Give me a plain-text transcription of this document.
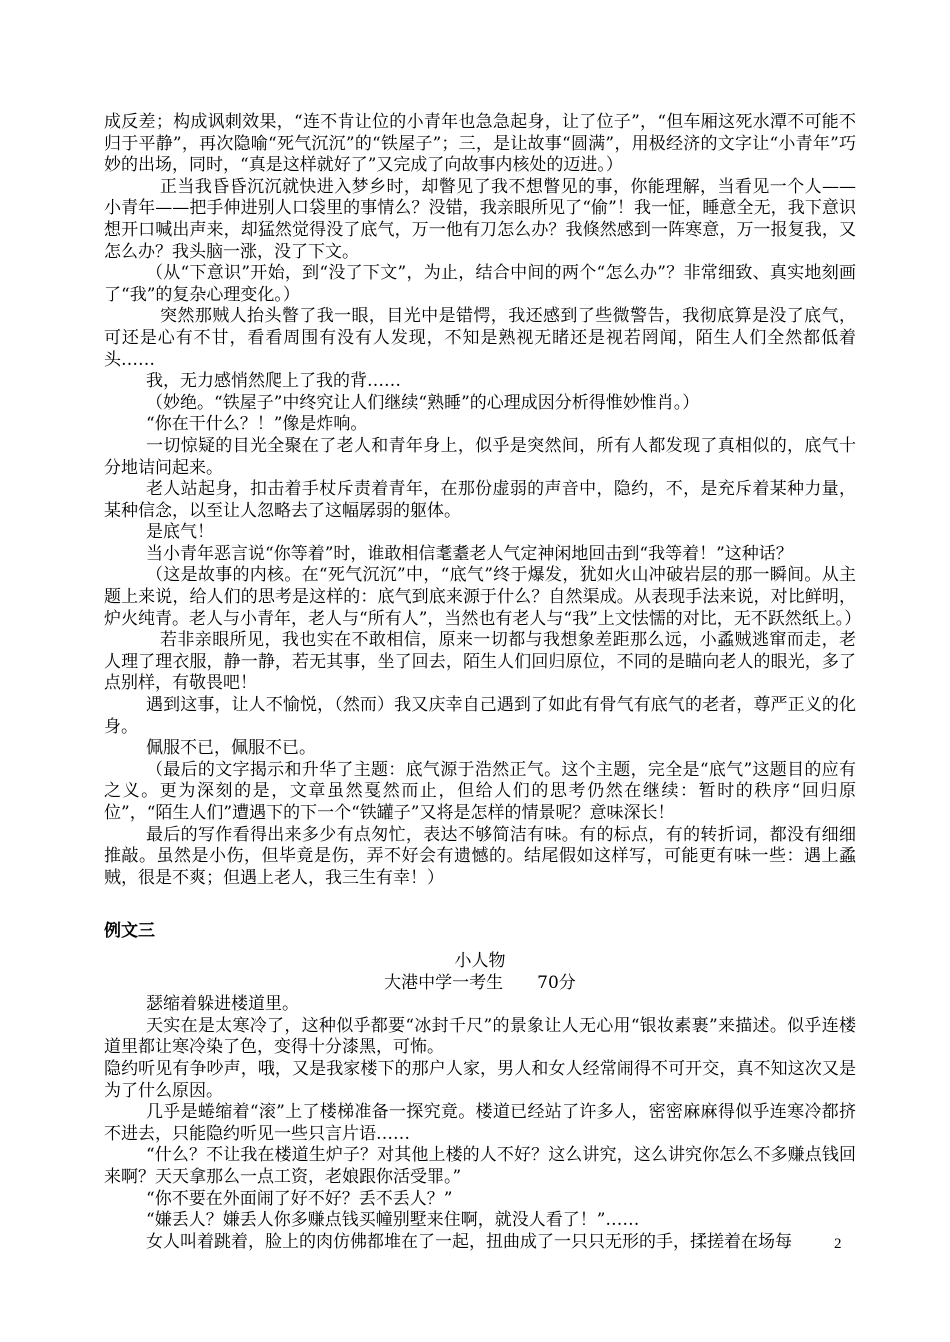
成反差；构成讽刺效果，“连不肯让位的小青年也急急起身，让了位子”，“但车厢这死水潭不可能不归于平静”，再次隐喻“死气沉沉”的“铁屋子”；三，是让故事“圆满”，用极经济的文字让“小青年”巧妙的出场，同时，“真是这样就好了”又完成了向故事内核处的迈进。）

正当我昏昏沉沉就快进入梦乡时，却瞥见了我不想瞥见的事，你能理解，当看见一个人——小青年——把手伸进别人口袋里的事情么？没错，我亲眼所见了“偷”！我一怔，睡意全无，我下意识想开口喊出声来，却猛然觉得没了底气，万一他有刀怎么办？我倏然感到一阵寒意，万一报复我，又怎么办？我头脑一涨，没了下文。

（从“下意识”开始，到“没了下文”，为止，结合中间的两个“怎么办”？非常细致、真实地刻画了“我”的复杂心理变化。）

突然那贼人抬头瞥了我一眼，目光中是错愕，我还感到了些微警告，我彻底算是没了底气，可还是心有不甘，看看周围有没有人发现，不知是熟视无睹还是视若罔闻，陌生人们全然都低着头……

我，无力感悄然爬上了我的背……

（妙绝。“铁屋子”中终究让人们继续“熟睡”的心理成因分析得惟妙惟肖。）

“你在干什么？！”像是炸响。

一切惊疑的目光全聚在了老人和青年身上，似乎是突然间，所有人都发现了真相似的，底气十分地诘问起来。

老人站起身，扣击着手杖斥责着青年，在那份虚弱的声音中，隐约，不，是充斥着某种力量，某种信念，以至让人忽略去了这幅孱弱的躯体。

是底气！

当小青年恶言说“你等着”时，谁敢相信耄耋老人气定神闲地回击到“我等着！”这种话？

（这是故事的内核。在“死气沉沉”中，“底气”终于爆发，犹如火山冲破岩层的那一瞬间。从主题上来说，给人们的思考是这样的：底气到底来源于什么？自然渠成。从表现手法来说，对比鲜明，炉火纯青。老人与小青年，老人与“所有人”，当然也有老人与“我”上文怯懦的对比，无不跃然纸上。）

若非亲眼所见，我也实在不敢相信，原来一切都与我想象差距那么远，小蟊贼逃窜而走，老人理了理衣服，静一静，若无其事，坐了回去，陌生人们回归原位，不同的是瞄向老人的眼光，多了点别样，有敬畏吧！

遇到这事，让人不愉悦，（然而）我又庆幸自己遇到了如此有骨气有底气的老者，尊严正义的化身。

佩服不已，佩服不已。

（最后的文字揭示和升华了主题：底气源于浩然正气。这个主题，完全是“底气”这题目的应有之义。更为深刻的是，文章虽然戛然而止，但给人们的思考仍然在继续：暂时的秩序“回归原位”，“陌生人们”遭遇下的下一个“铁罐子”又将是怎样的情景呢？意味深长！

最后的写作看得出来多少有点匆忙，表达不够简洁有味。有的标点，有的转折词，都没有细细推敲。虽然是小伤，但毕竟是伤，弄不好会有遗憾的。结尾假如这样写，可能更有味一些：遇上蟊贼，很是不爽；但遇上老人，我三生有幸！）

例文三

小人物

大港中学一考生　　70分

瑟缩着躲进楼道里。

天实在是太寒冷了，这种似乎都要“冰封千尺”的景象让人无心用“银妆素裹”来描述。似乎连楼道里都让寒冷染了色，变得十分漆黑，可怖。

隐约听见有争吵声，哦，又是我家楼下的那户人家，男人和女人经常闹得不可开交，真不知这次又是为了什么原因。

几乎是蜷缩着“滚”上了楼梯准备一探究竟。楼道已经站了许多人，密密麻麻得似乎连寒冷都挤不进去，只能隐约听见一些只言片语……

“什么？不让我在楼道生炉子？对其他上楼的人不好？这么讲究，这么讲究你怎么不多赚点钱回来啊？天天拿那么一点工资，老娘跟你活受罪。”

“你不要在外面闹了好不好？丢不丢人？”

“嫌丢人？嫌丢人你多赚点钱买幢别墅来住啊，就没人看了！”……

女人叫着跳着，脸上的肉仿佛都堆在了一起，扭曲成了一只只无形的手，揉搓着在场每	2
